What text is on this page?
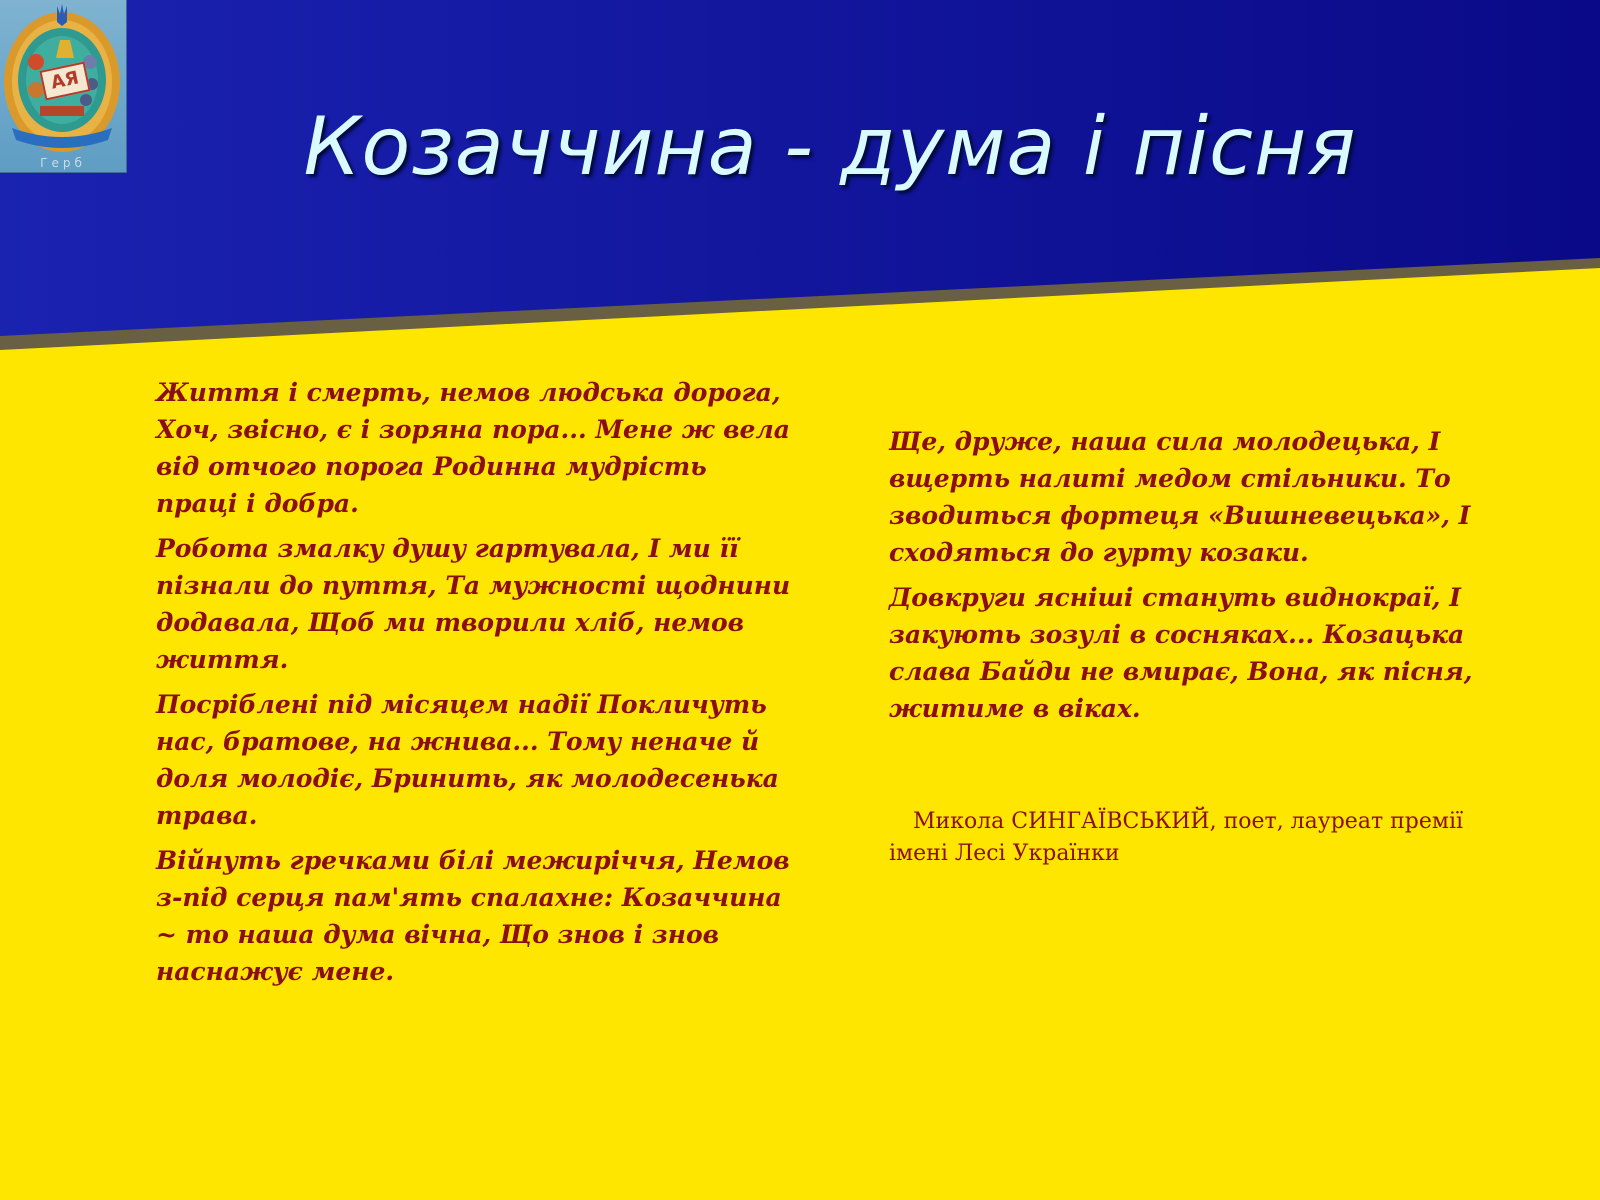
АЯ
Герб	Козаччина - дума і пісня

Життя і смерть, немов людська дорога, Хоч, звісно, є і зоряна пора... Мене ж вела від отчого порога Родинна мудрість праці і добра.

Робота змалку душу гартувала, І ми її пізнали до пуття, Та мужності щоднини додавала, Щоб ми творили хліб, немов життя.

Посріблені під місяцем надії Покличуть нас, братове, на жнива... Тому неначе й доля молодіє, Бринить, як молодесенька трава.

Війнуть гречками білі межиріччя, Немов з-під серця пам'ять спалахне: Козаччина ~ то наша дума вічна, Що знов і знов наснажує мене.

Ще, друже, наша сила молодецька, І вщерть налиті медом стільники. То зводиться фортеця «Вишневецька», І сходяться до гурту козаки.

Довкруги ясніші стануть виднокраї, І закують зозулі в сосняках... Козацька слава Байди не вмирає, Вона, як пісня, житиме в віках.

Микола СИНГАЇВСЬКИЙ, поет, лауреат премії імені Лесі Українки
